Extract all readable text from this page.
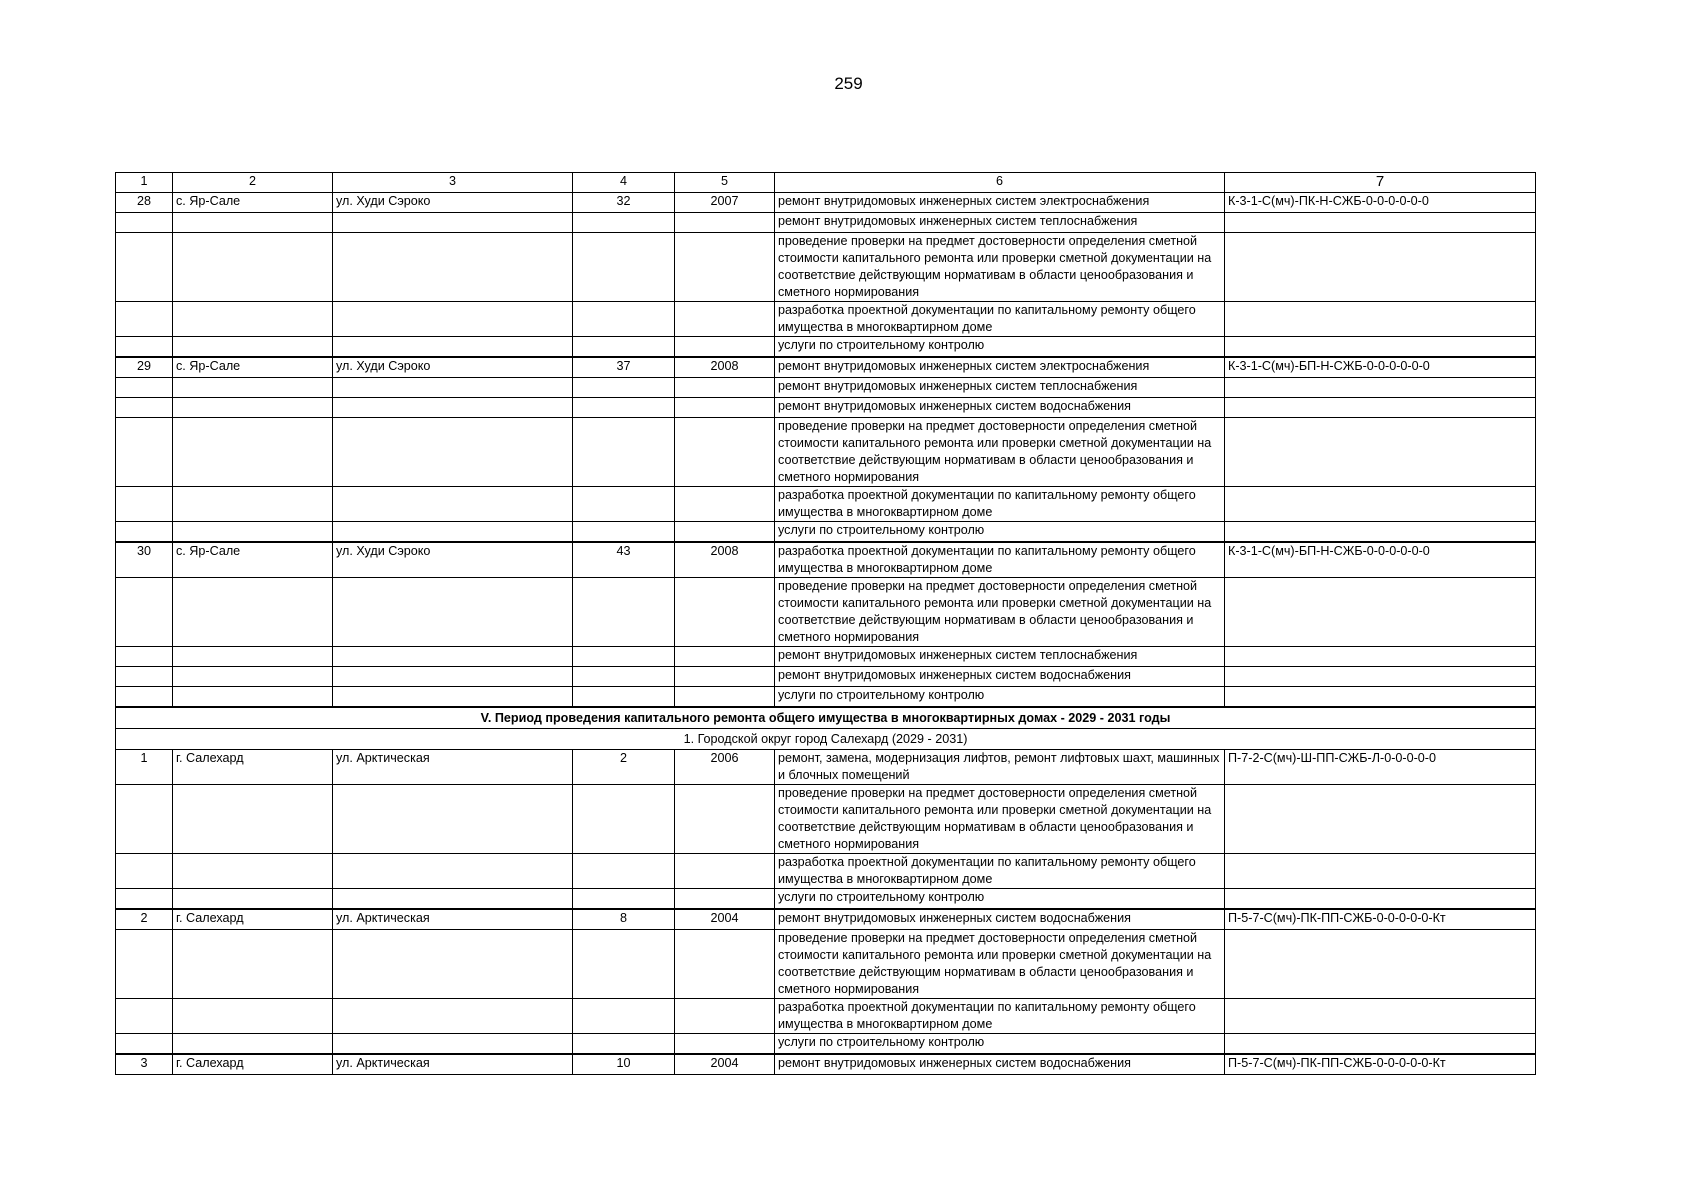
259
1	2	3	4	5	6	7
28	с. Яр-Сале	ул. Худи Сэроко	32	2007	ремонт внутридомовых инженерных систем электроснабжения	К-3-1-С(мч)-ПК-Н-СЖБ-0-0-0-0-0-0
					ремонт внутридомовых инженерных систем теплоснабжения	
					проведение проверки на предмет достоверности определения сметной стоимости капитального ремонта или проверки сметной документации на соответствие действующим нормативам в области ценообразования и сметного нормирования	
					разработка проектной документации по капитальному ремонту общего имущества в многоквартирном доме	
					услуги по строительному контролю	
29	с. Яр-Сале	ул. Худи Сэроко	37	2008	ремонт внутридомовых инженерных систем электроснабжения	К-3-1-С(мч)-БП-Н-СЖБ-0-0-0-0-0-0
					ремонт внутридомовых инженерных систем теплоснабжения	
					ремонт внутридомовых инженерных систем водоснабжения	
					проведение проверки на предмет достоверности определения сметной стоимости капитального ремонта или проверки сметной документации на соответствие действующим нормативам в области ценообразования и сметного нормирования	
					разработка проектной документации по капитальному ремонту общего имущества в многоквартирном доме	
					услуги по строительному контролю	
30	с. Яр-Сале	ул. Худи Сэроко	43	2008	разработка проектной документации по капитальному ремонту общего имущества в многоквартирном доме	К-3-1-С(мч)-БП-Н-СЖБ-0-0-0-0-0-0
					проведение проверки на предмет достоверности определения сметной стоимости капитального ремонта или проверки сметной документации на соответствие действующим нормативам в области ценообразования и сметного нормирования	
					ремонт внутридомовых инженерных систем теплоснабжения	
					ремонт внутридомовых инженерных систем водоснабжения	
					услуги по строительному контролю	
V. Период проведения капитального ремонта общего имущества в многоквартирных домах - 2029 - 2031 годы						
1. Городской округ город Салехард (2029 - 2031)						
1	г. Салехард	ул. Арктическая	2	2006	ремонт, замена, модернизация лифтов, ремонт лифтовых шахт, машинных и блочных помещений	П-7-2-С(мч)-Ш-ПП-СЖБ-Л-0-0-0-0-0
					проведение проверки на предмет достоверности определения сметной стоимости капитального ремонта или проверки сметной документации на соответствие действующим нормативам в области ценообразования и сметного нормирования	
					разработка проектной документации по капитальному ремонту общего имущества в многоквартирном доме	
					услуги по строительному контролю	
2	г. Салехард	ул. Арктическая	8	2004	ремонт внутридомовых инженерных систем водоснабжения	П-5-7-С(мч)-ПК-ПП-СЖБ-0-0-0-0-0-Кт
					проведение проверки на предмет достоверности определения сметной стоимости капитального ремонта или проверки сметной документации на соответствие действующим нормативам в области ценообразования и сметного нормирования	
					разработка проектной документации по капитальному ремонту общего имущества в многоквартирном доме	
					услуги по строительному контролю	
3	г. Салехард	ул. Арктическая	10	2004	ремонт внутридомовых инженерных систем водоснабжения	П-5-7-С(мч)-ПК-ПП-СЖБ-0-0-0-0-0-Кт
